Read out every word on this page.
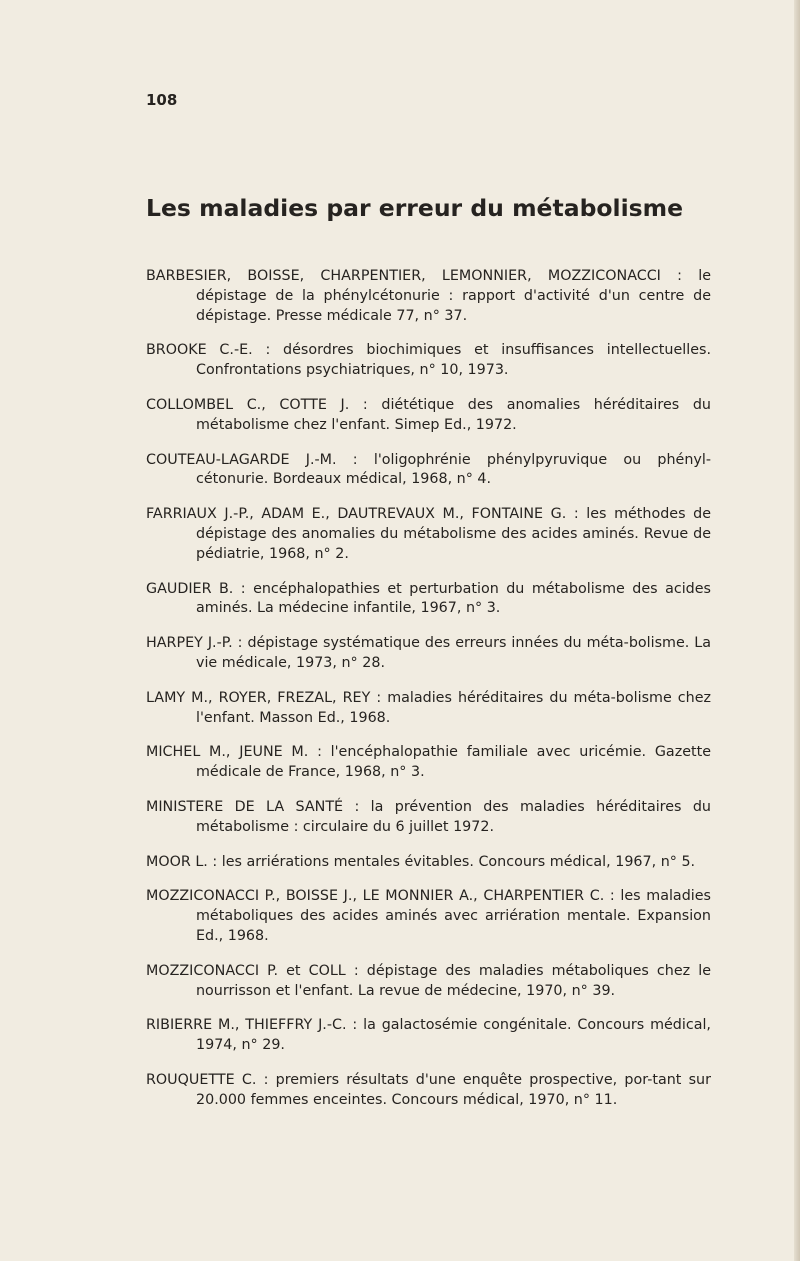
108
Les maladies par erreur du métabolisme
BARBESIER, BOISSE, CHARPENTIER, LEMONNIER, MOZZICONACCI : le dépistage de la phénylcétonurie : rapport d'activité d'un centre de dépistage. Presse médicale 77, n° 37.
BROOKE C.-E. : désordres biochimiques et insuffisances intellectuelles. Confrontations psychiatriques, n° 10, 1973.
COLLOMBEL C., COTTE J. : diététique des anomalies héréditaires du métabolisme chez l'enfant. Simep Ed., 1972.
COUTEAU-LAGARDE J.-M. : l'oligophrénie phénylpyruvique ou phényl-cétonurie. Bordeaux médical, 1968, n° 4.
FARRIAUX J.-P., ADAM E., DAUTREVAUX M., FONTAINE G. : les méthodes de dépistage des anomalies du métabolisme des acides aminés. Revue de pédiatrie, 1968, n° 2.
GAUDIER B. : encéphalopathies et perturbation du métabolisme des acides aminés. La médecine infantile, 1967, n° 3.
HARPEY J.-P. : dépistage systématique des erreurs innées du méta-bolisme. La vie médicale, 1973, n° 28.
LAMY M., ROYER, FREZAL, REY : maladies héréditaires du méta-bolisme chez l'enfant. Masson Ed., 1968.
MICHEL M., JEUNE M. : l'encéphalopathie familiale avec uricémie. Gazette médicale de France, 1968, n° 3.
MINISTERE DE LA SANTÉ : la prévention des maladies héréditaires du métabolisme : circulaire du 6 juillet 1972.
MOOR L. : les arriérations mentales évitables. Concours médical, 1967, n° 5.
MOZZICONACCI P., BOISSE J., LE MONNIER A., CHARPENTIER C. : les maladies métaboliques des acides aminés avec arriération mentale. Expansion Ed., 1968.
MOZZICONACCI P. et COLL : dépistage des maladies métaboliques chez le nourrisson et l'enfant. La revue de médecine, 1970, n° 39.
RIBIERRE M., THIEFFRY J.-C. : la galactosémie congénitale. Concours médical, 1974, n° 29.
ROUQUETTE C. : premiers résultats d'une enquête prospective, por-tant sur 20.000 femmes enceintes. Concours médical, 1970, n° 11.
